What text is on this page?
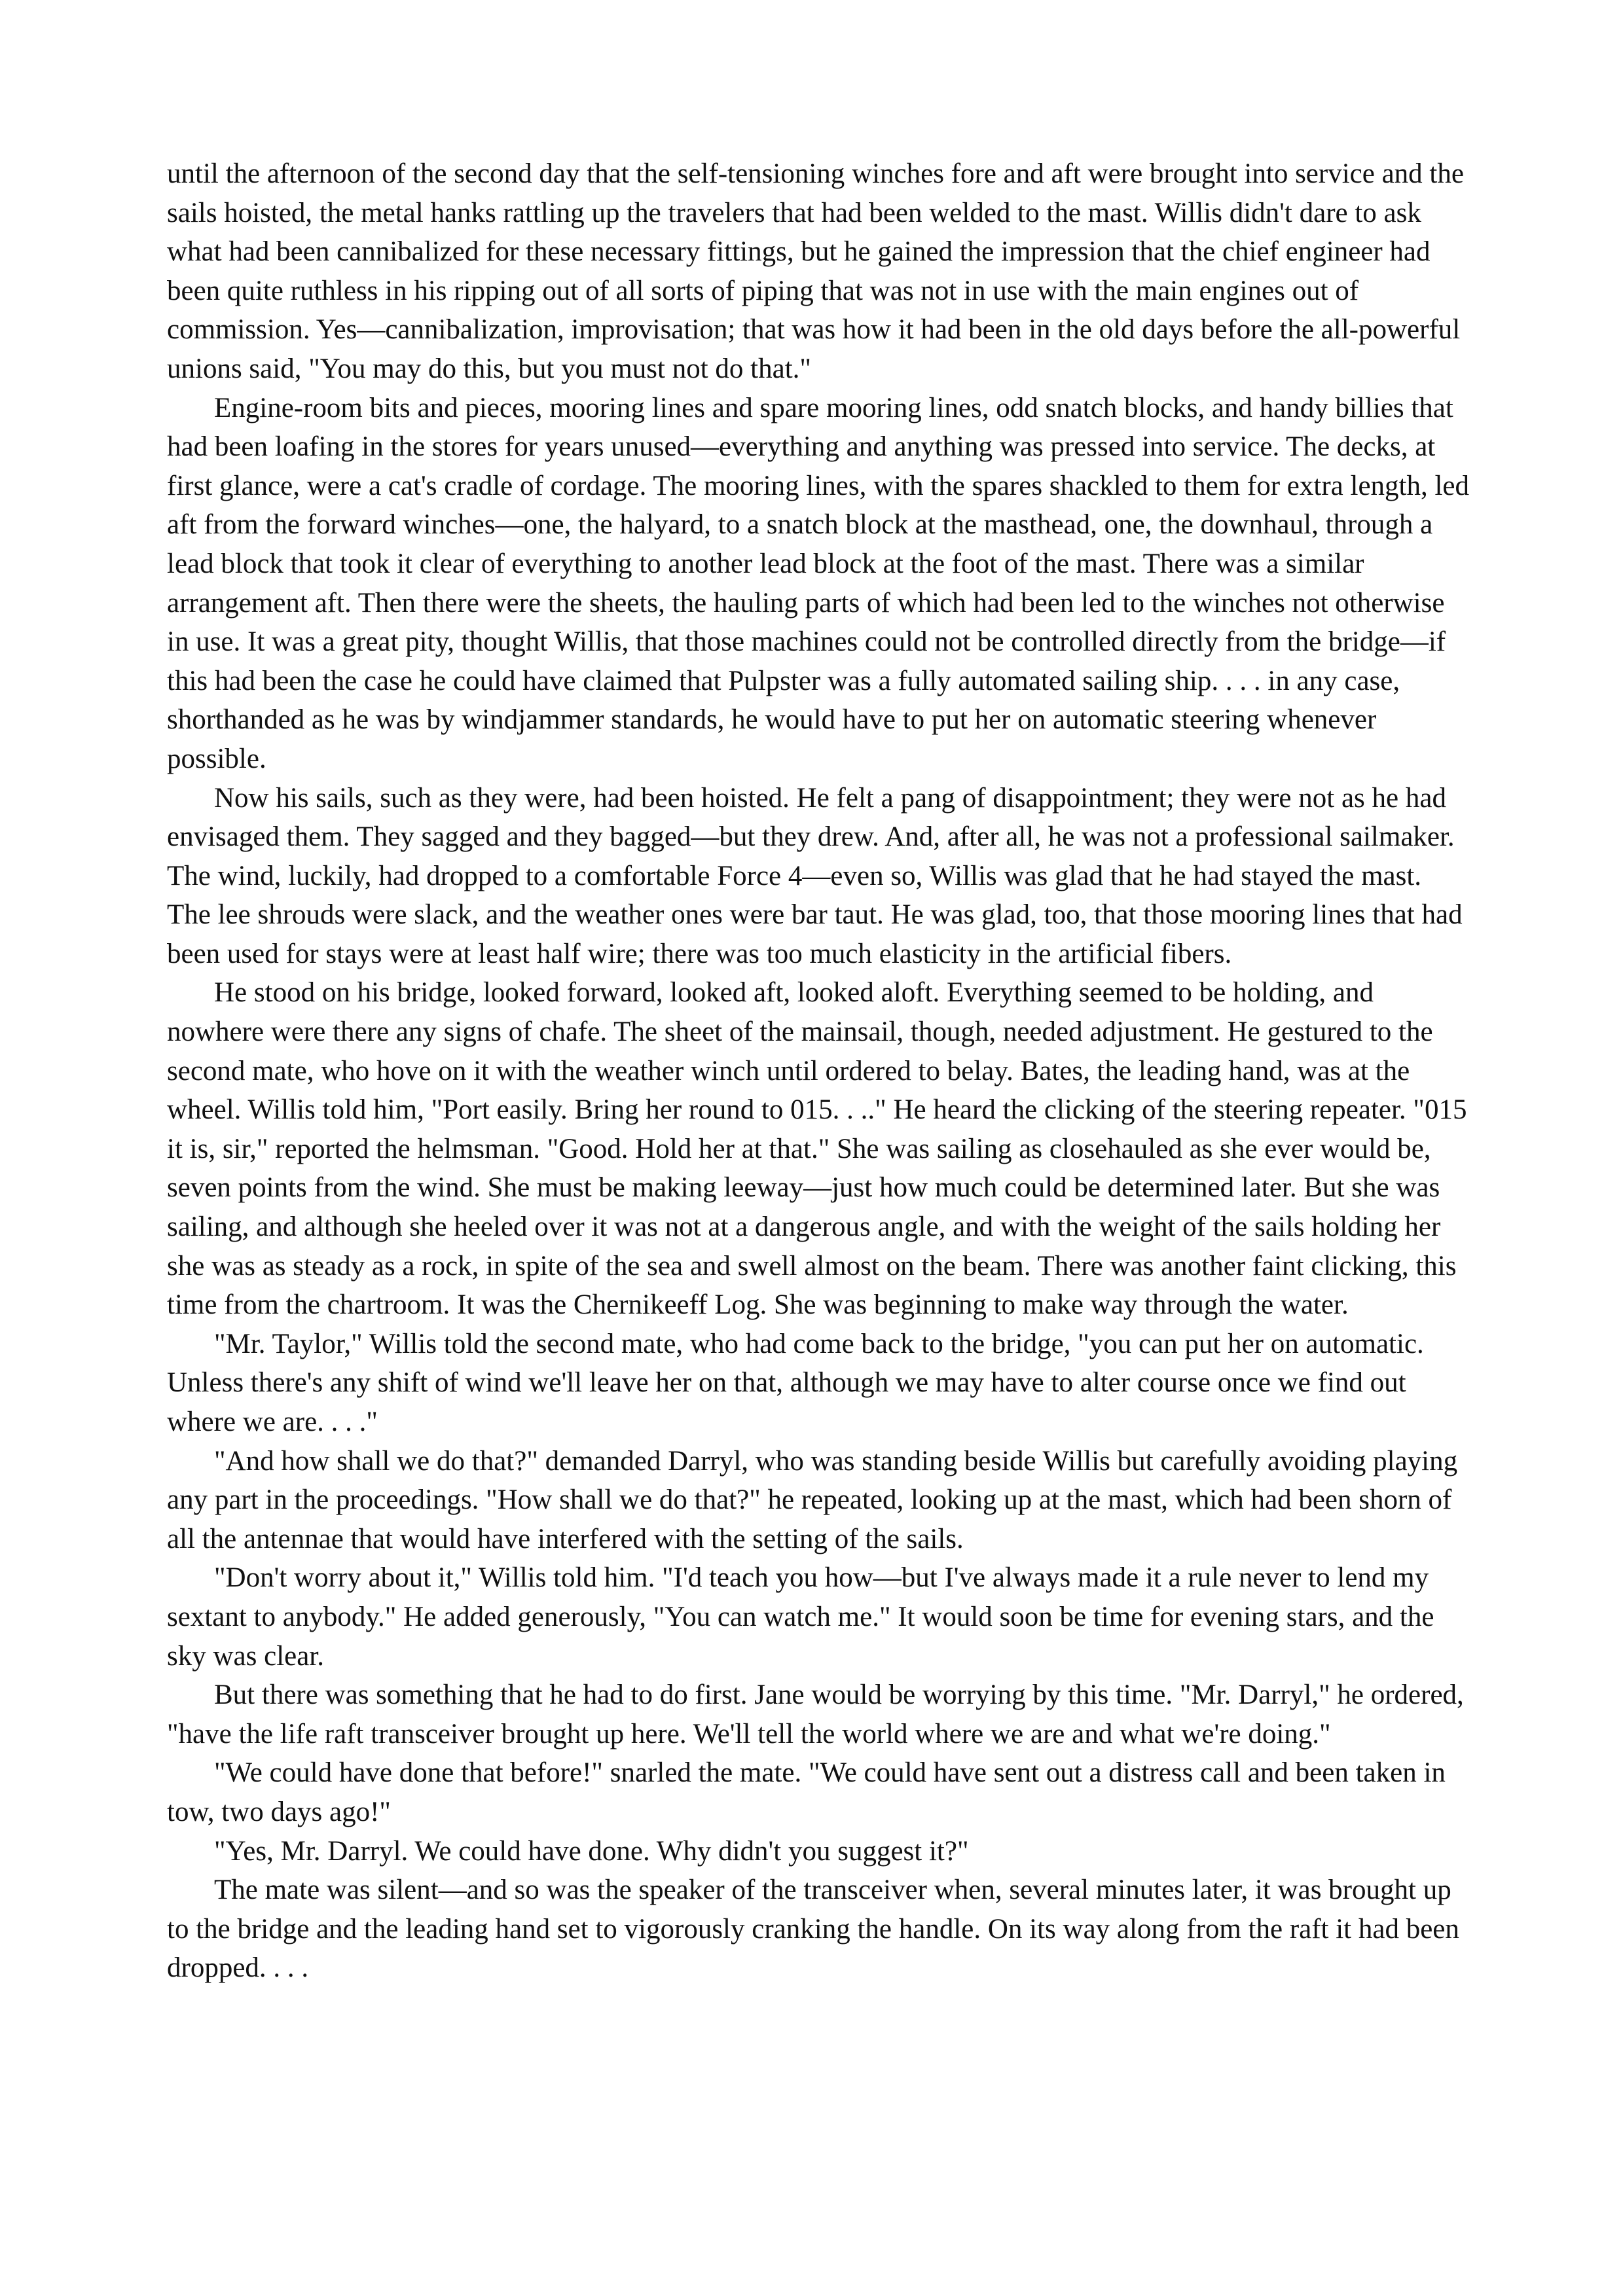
until the afternoon of the second day that the self-tensioning winches fore and aft were brought into service and the sails hoisted, the metal hanks rattling up the travelers that had been welded to the mast. Willis didn't dare to ask what had been cannibalized for these necessary fittings, but he gained the impression that the chief engineer had been quite ruthless in his ripping out of all sorts of piping that was not in use with the main engines out of commission. Yes—cannibalization, improvisation; that was how it had been in the old days before the all-powerful unions said, "You may do this, but you must not do that."

Engine-room bits and pieces, mooring lines and spare mooring lines, odd snatch blocks, and handy billies that had been loafing in the stores for years unused—everything and anything was pressed into service. The decks, at first glance, were a cat's cradle of cordage. The mooring lines, with the spares shackled to them for extra length, led aft from the forward winches—one, the halyard, to a snatch block at the masthead, one, the downhaul, through a lead block that took it clear of everything to another lead block at the foot of the mast. There was a similar arrangement aft. Then there were the sheets, the hauling parts of which had been led to the winches not otherwise in use. It was a great pity, thought Willis, that those machines could not be controlled directly from the bridge—if this had been the case he could have claimed that Pulpster was a fully automated sailing ship. . . . in any case, shorthanded as he was by windjammer standards, he would have to put her on automatic steering whenever possible.

Now his sails, such as they were, had been hoisted. He felt a pang of disappointment; they were not as he had envisaged them. They sagged and they bagged—but they drew. And, after all, he was not a professional sailmaker. The wind, luckily, had dropped to a comfortable Force 4—even so, Willis was glad that he had stayed the mast. The lee shrouds were slack, and the weather ones were bar taut. He was glad, too, that those mooring lines that had been used for stays were at least half wire; there was too much elasticity in the artificial fibers.

He stood on his bridge, looked forward, looked aft, looked aloft. Everything seemed to be holding, and nowhere were there any signs of chafe. The sheet of the mainsail, though, needed adjustment. He gestured to the second mate, who hove on it with the weather winch until ordered to belay. Bates, the leading hand, was at the wheel. Willis told him, "Port easily. Bring her round to 015. . .." He heard the clicking of the steering repeater. "015 it is, sir," reported the helmsman. "Good. Hold her at that." She was sailing as closehauled as she ever would be, seven points from the wind. She must be making leeway—just how much could be determined later. But she was sailing, and although she heeled over it was not at a dangerous angle, and with the weight of the sails holding her she was as steady as a rock, in spite of the sea and swell almost on the beam. There was another faint clicking, this time from the chartroom. It was the Chernikeeff Log. She was beginning to make way through the water.

"Mr. Taylor," Willis told the second mate, who had come back to the bridge, "you can put her on automatic. Unless there's any shift of wind we'll leave her on that, although we may have to alter course once we find out where we are. . . ."

"And how shall we do that?" demanded Darryl, who was standing beside Willis but carefully avoiding playing any part in the proceedings. "How shall we do that?" he repeated, looking up at the mast, which had been shorn of all the antennae that would have interfered with the setting of the sails.

"Don't worry about it," Willis told him. "I'd teach you how—but I've always made it a rule never to lend my sextant to anybody." He added generously, "You can watch me." It would soon be time for evening stars, and the sky was clear.

But there was something that he had to do first. Jane would be worrying by this time. "Mr. Darryl," he ordered, "have the life raft transceiver brought up here. We'll tell the world where we are and what we're doing."

"We could have done that before!" snarled the mate. "We could have sent out a distress call and been taken in tow, two days ago!"

"Yes, Mr. Darryl. We could have done. Why didn't you suggest it?"

The mate was silent—and so was the speaker of the transceiver when, several minutes later, it was brought up to the bridge and the leading hand set to vigorously cranking the handle. On its way along from the raft it had been dropped. . . .
